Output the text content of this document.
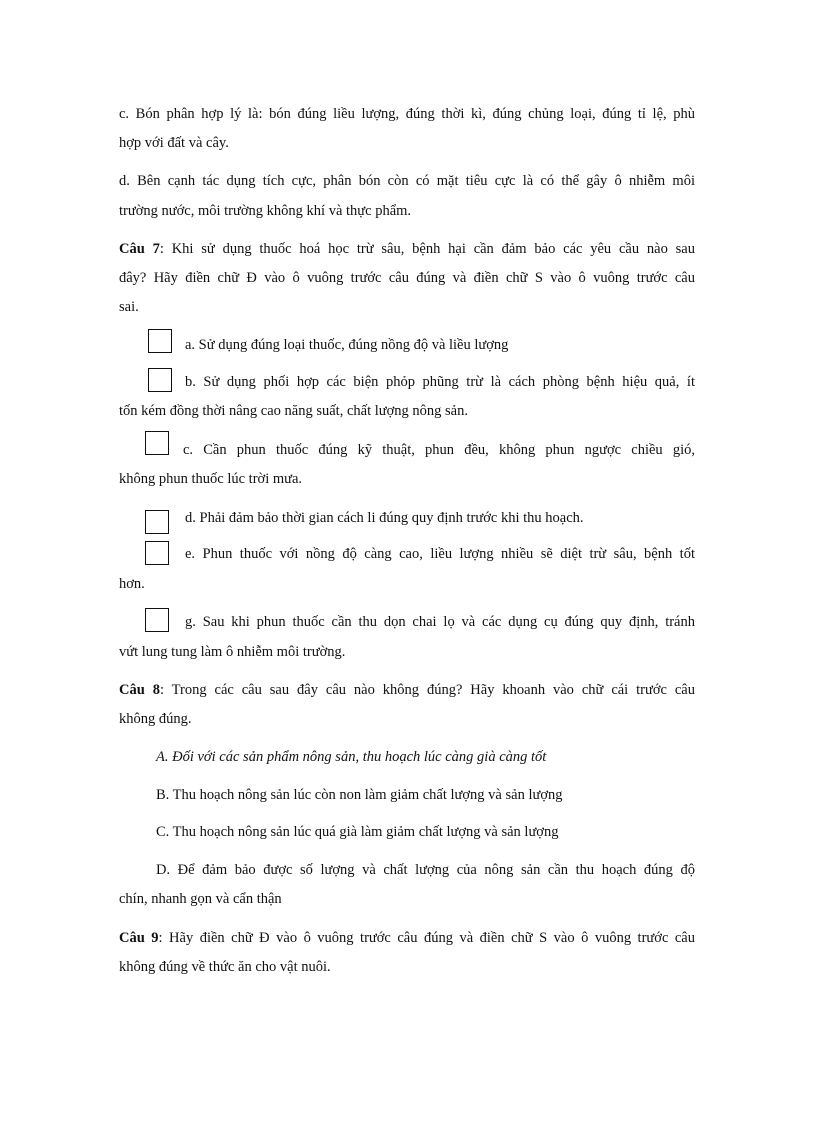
c. Bón phân hợp lý là: bón đúng liều lượng, đúng thời kì, đúng chủng loại, đúng tỉ lệ, phù

hợp với đất và cây.

d. Bên cạnh tác dụng tích cực, phân bón còn có mặt tiêu cực là có thể gây ô nhiễm môi

trường nước, môi trường không khí và thực phẩm.

Câu 7: Khi sử dụng thuốc hoá học trừ sâu, bệnh hại cần đảm bảo các yêu cầu nào sau

đây? Hãy điền chữ Đ vào ô vuông trước câu đúng và điền chữ S vào ô vuông trước câu

sai.

a. Sử dụng đúng loại thuốc, đúng nồng độ và liều lượng

b. Sử dụng phối hợp các biện phỏp phũng trừ là cách phòng bệnh hiệu quả, ít

tốn kém đồng thời nâng cao năng suất, chất lượng nông sản.

c. Cần phun thuốc đúng kỹ thuật, phun đều, không phun ngược chiều gió,

không phun thuốc lúc trời mưa.

d. Phải đảm bảo thời gian cách li đúng quy định trước khi thu hoạch.

e. Phun thuốc với nồng độ càng cao, liều lượng nhiều sẽ diệt trừ sâu, bệnh tốt

hơn.

g. Sau khi phun thuốc cần thu dọn chai lọ và các dụng cụ đúng quy định, tránh

vứt lung tung làm ô nhiễm môi trường.

Câu 8: Trong các câu sau đây câu nào không đúng? Hãy khoanh vào chữ cái trước câu

không đúng.

A. Đối với các sản phẩm nông sản, thu hoạch lúc càng già càng tốt

B. Thu hoạch nông sản lúc còn non làm giảm chất lượng và sản lượng

C. Thu hoạch nông sản lúc quá già làm giảm chất lượng và sản lượng

D. Để đảm bảo được số lượng và chất lượng của nông sản cần thu hoạch đúng độ

chín, nhanh gọn và cẩn thận

Câu 9: Hãy điền chữ Đ vào ô vuông trước câu đúng và điền chữ S vào ô vuông trước câu

không đúng về thức ăn cho vật nuôi.
